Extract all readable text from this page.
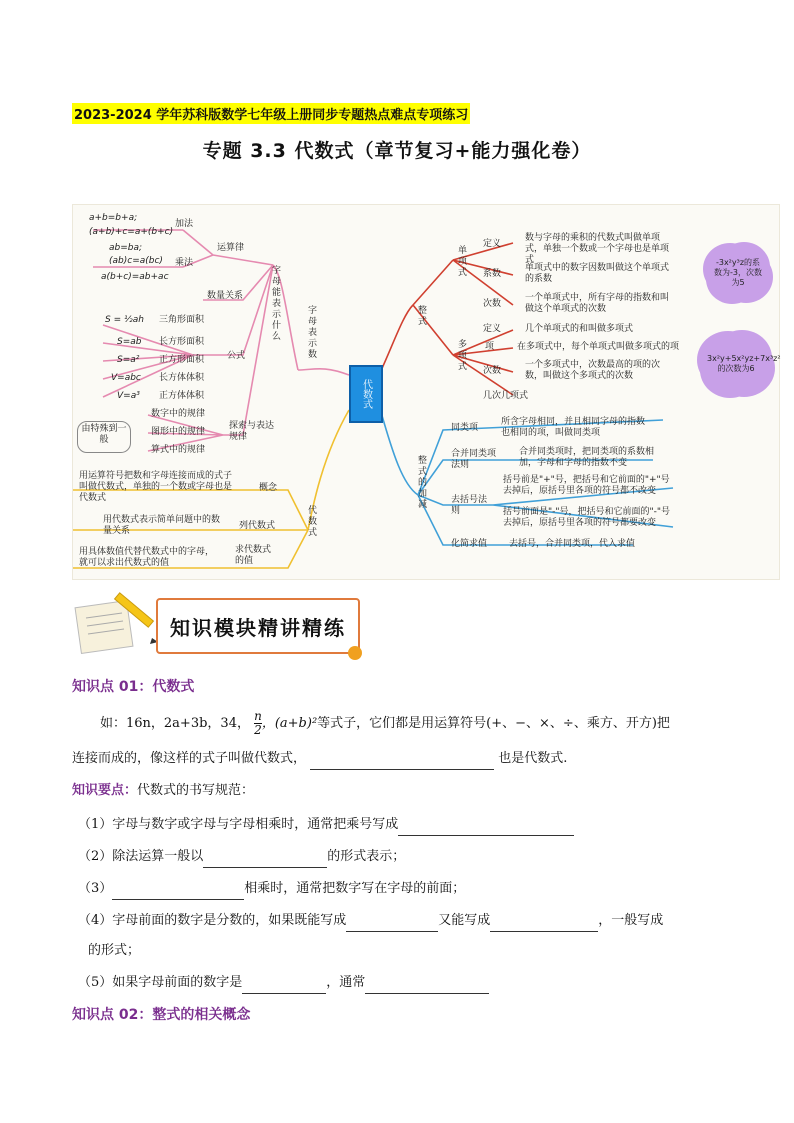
2023-2024 学年苏科版数学七年级上册同步专题热点难点专项练习
专题 3.3 代数式（章节复习+能力强化卷）
代数式
a+b=b+a;
(a+b)+c=a+(b+c)
加法
ab=ba;
(ab)c=a(bc)
a(b+c)=ab+ac
乘法
运算律
数量关系	字母能表示什么	字母表示数
S = ½ah 三角形面积
S=ab 长方形面积
S=a² 正方形面积
V=abc 长方体体积
V=a³ 正方体体积
公式
数字中的规律
图形中的规律
算式中的规律
探索与表达规律
由特殊到一般
用运算符号把数和字母连接而成的式子叫做代数式，单独的一个数或字母也是代数式
概念
用代数式表示简单问题中的数量关系	列代数式
用具体数值代替代数式中的字母，就可以求出代数式的值
求代数式的值
代数式
整式
单项式
定义
数与字母的乘积的代数式叫做单项式，单独一个数或一个字母也是单项式
系数
单项式中的数字因数叫做这个单项式的系数
次数
一个单项式中，所有字母的指数和叫做这个单项式的次数
多项式
定义	几个单项式的和叫做多项式
项	在多项式中，每个单项式叫做多项式的项
次数
一个多项式中，次数最高的项的次数，叫做这个多项式的次数
几次几项式
-3x²y³z的系数为-3，次数为5
3x²y+5x²yz+7x³z²的次数为6
整式的加减
同类项
所含字母相同，并且相同字母的指数也相同的项，叫做同类项
合并同类项法则
合并同类项时，把同类项的系数相加，字母和字母的指数不变
去括号法则
括号前是"+"号，把括号和它前面的"+"号去掉后，原括号里各项的符号都不改变
括号前面是"-"号，把括号和它前面的"-"号去掉后，原括号里各项的符号都要改变
化简求值 去括号，合并同类项，代入求值
知识模块精讲精练
知识点 01：代数式
如：16n，2a+3b，34， $\frac{n}{2}$ ，(a+b)²等式子，它们都是用运算符号(+、−、×、÷、乘方、开方)把
连接而成的，像这样的式子叫做代数式，	也是代数式.
知识要点：代数式的书写规范：
（1）字母与数字或字母与字母相乘时，通常把乘号写成
（2）除法运算一般以	的形式表示；
（3）	相乘时，通常把数字写在字母的前面；
（4）字母前面的数字是分数的，如果既能写成	又能写成	，一般写成
的形式；
（5）如果字母前面的数字是	，通常
知识点 02：整式的相关概念
